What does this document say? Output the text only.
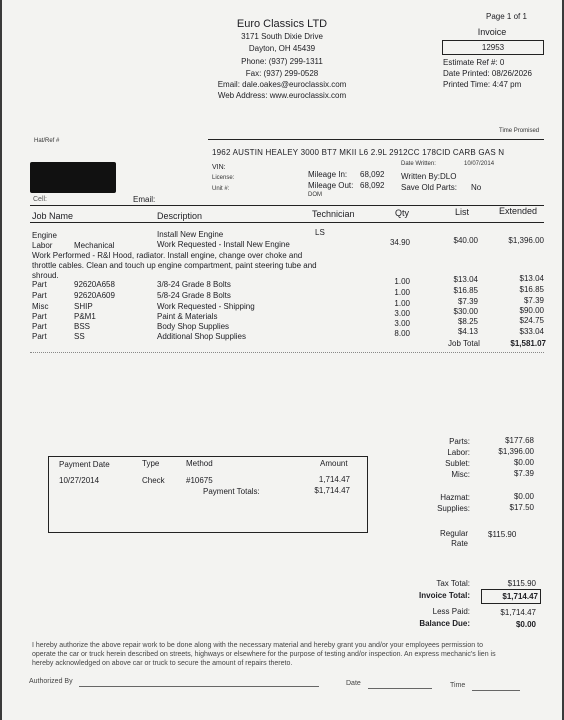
Euro Classics LTD
3171 South Dixie Drive
Dayton, OH 45439
Phone: (937) 299-1311
Fax: (937) 299-0528
Email: dale.oakes@euroclassix.com
Web Address: www.euroclassix.com
Page 1 of 1
Invoice
12953
Estimate Ref #: 0
Date Printed: 08/26/2026
Printed Time: 4:47 pm
Hat/Ref #
Time Promised
1962 AUSTIN HEALEY 3000 BT7 MKII L6 2.9L 2912CC 178CID CARB GAS N
VIN:
License:
Unit #:
Mileage In: 68,092
Mileage Out: 68,092
DOM
Date Written:	10/07/2014
Written By:DLO
Save Old Parts: No
Cell:	Email:
Job Name	Description	Technician	Qty	List	Extended
Engine	Install New Engine	LS
Labor	Mechanical	Work Requested - Install New Engine	34.90	$40.00	$1,396.00
Work Performed - R&I Hood, radiator. Install engine, change over choke and
throttle cables. Clean and touch up engine compartment, paint steering tube and
shroud.
Part	92620A658	3/8-24 Grade 8 Bolts	1.00	$13.04	$13.04
Part	92620A609	5/8-24 Grade 8 Bolts	1.00	$16.85	$16.85
Misc	SHIP	Work Requested - Shipping	1.00	$7.39	$7.39
Part	P&M1	Paint & Materials	3.00	$30.00	$90.00
Part	BSS	Body Shop Supplies	3.00	$8.25	$24.75
Part	SS	Additional Shop Supplies	8.00	$4.13	$33.04
Job Total	$1,581.07
Payment Date	Type	Method	Amount
10/27/2014	Check	#10675	1,714.47
Payment Totals:	$1,714.47
Parts:	$177.68
Labor:	$1,396.00
Sublet:	$0.00
Misc:	$7.39
Hazmat:	$0.00
Supplies:	$17.50
Regular
Rate
$115.90
Tax Total:	$115.90
Invoice Total:	$1,714.47
Less Paid:	$1,714.47
Balance Due:	$0.00
I hereby authorize the above repair work to be done along with the necessary material and hereby grant you and/or your employees permission to
operate the car or truck herein described on streets, highways or elsewhere for the purpose of testing and/or inspection. An express mechanic's lien is
hereby acknowledged on above car or truck to secure the amount of repairs thereto.
Authorized By	Date	Time
